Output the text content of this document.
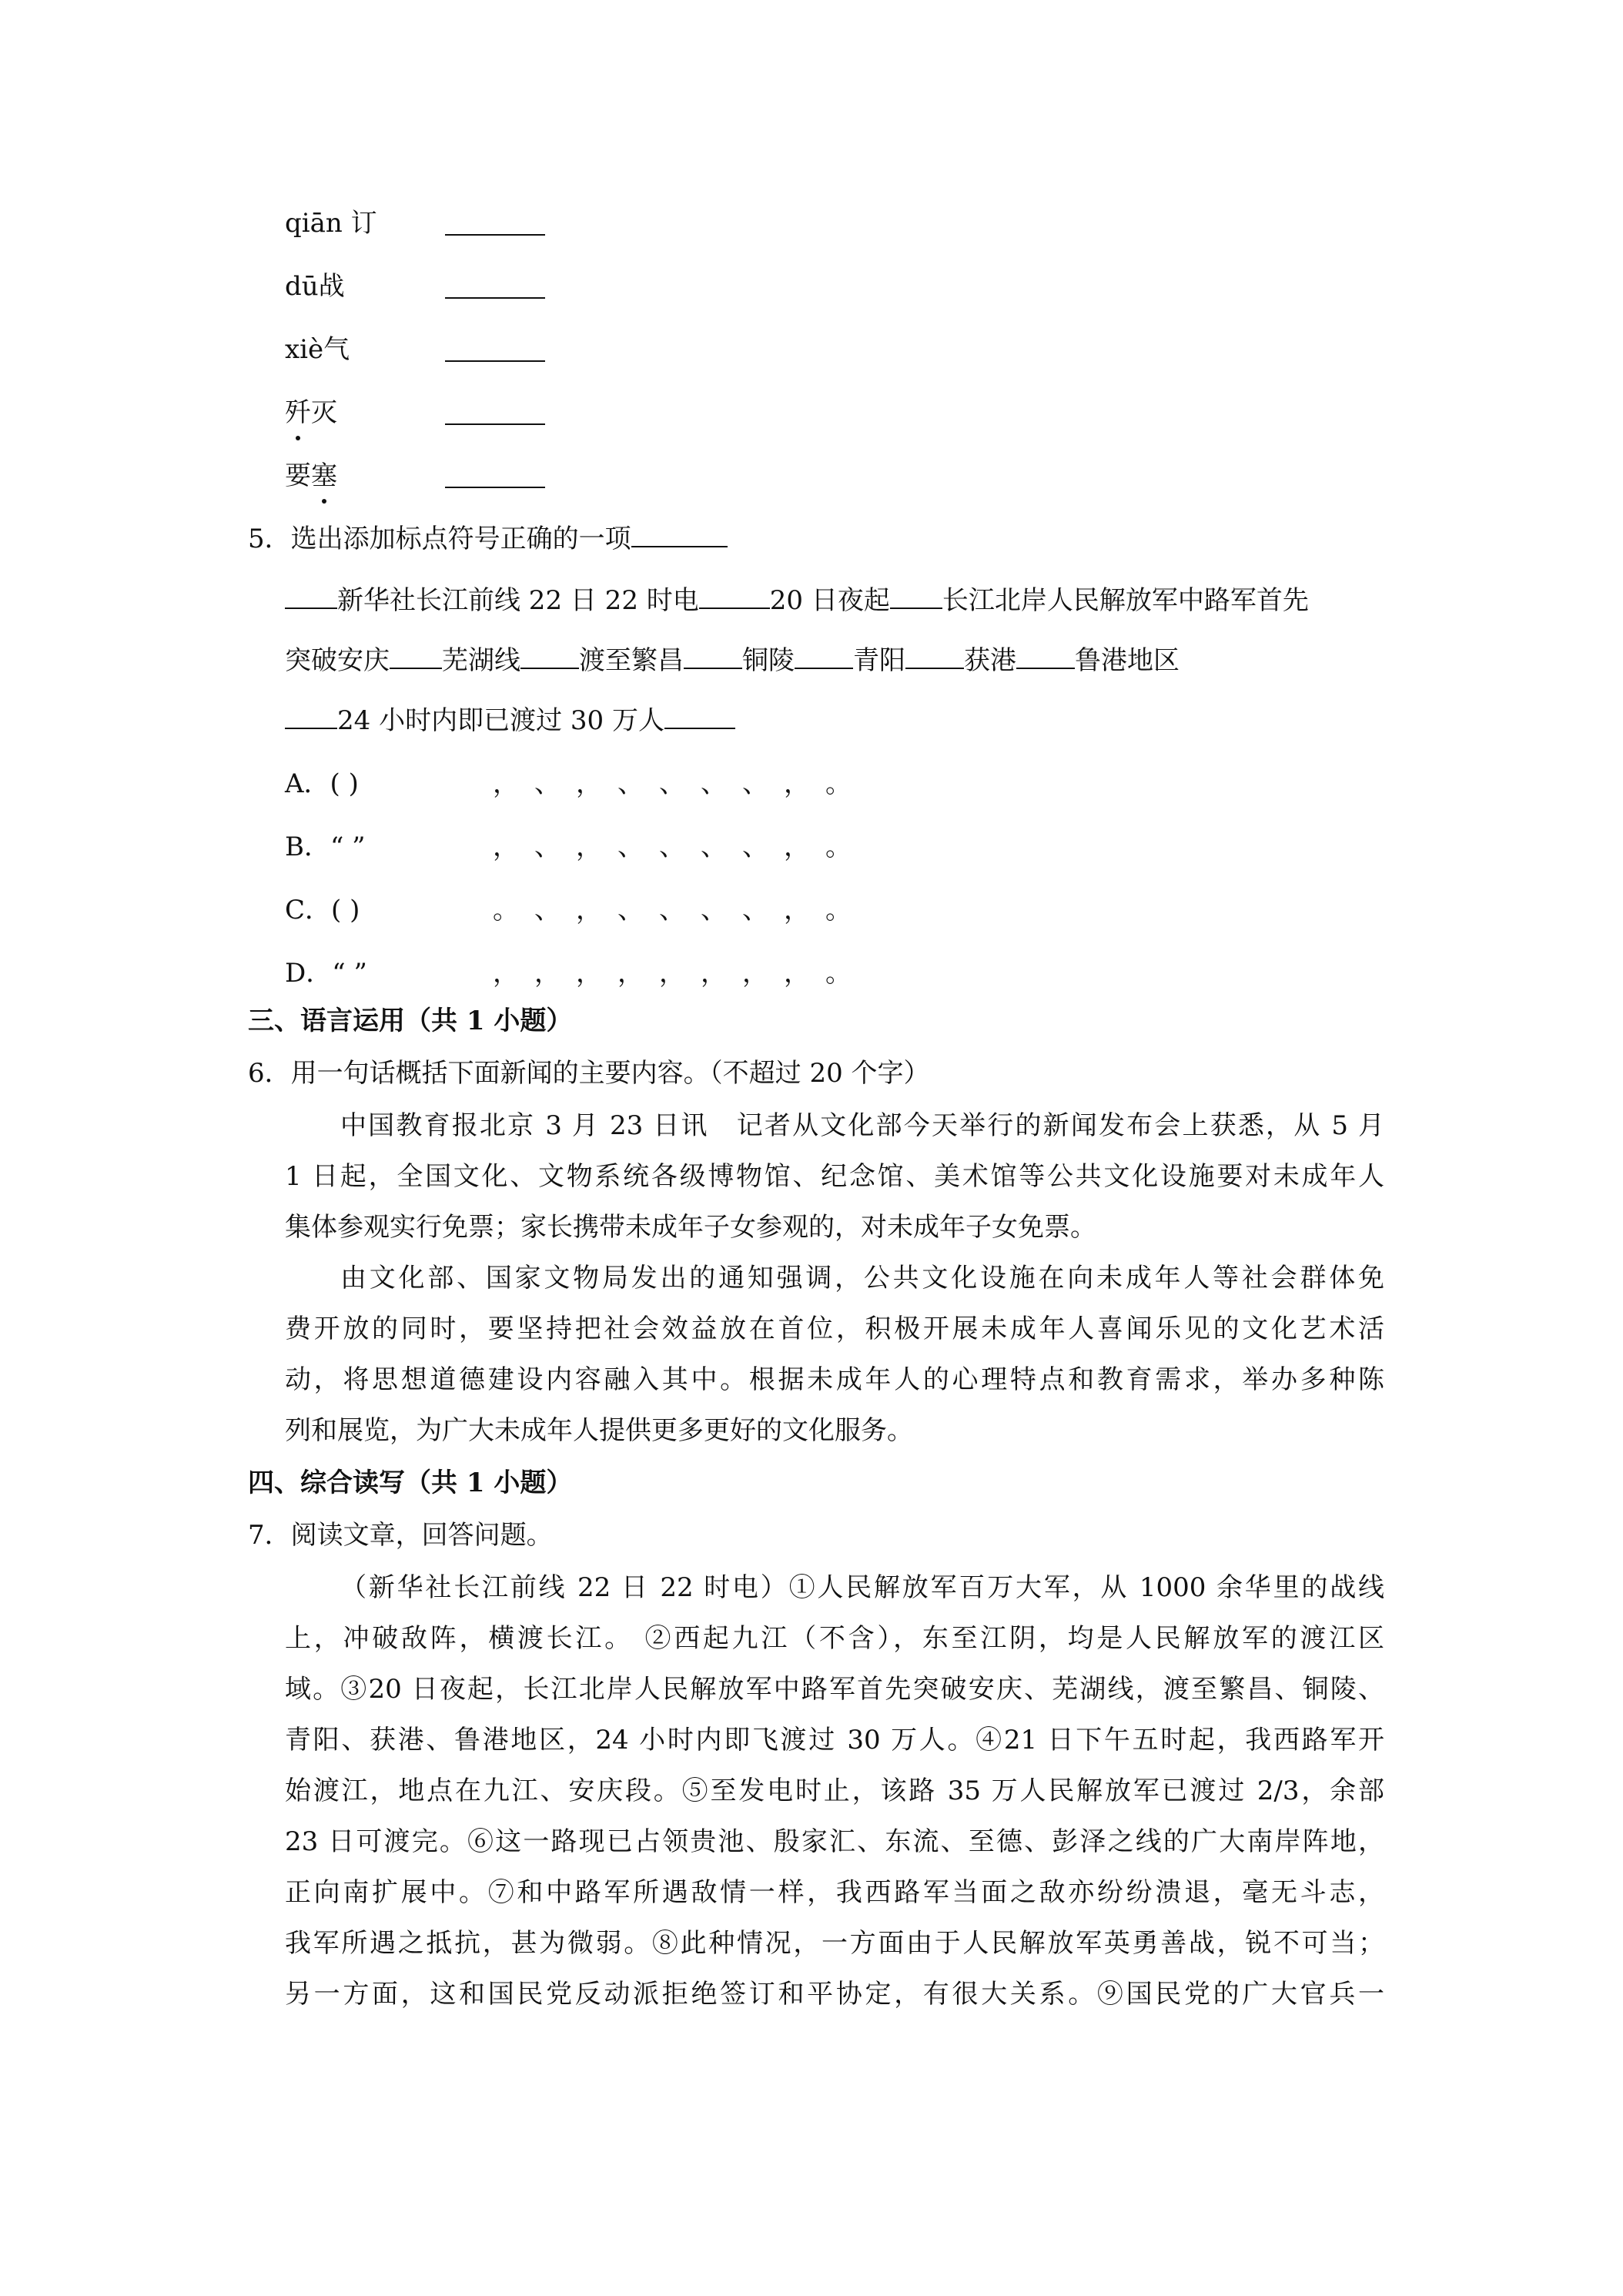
qiān 订
dū战
xiè气
歼灭
要塞
5．选出添加标点符号正确的一项
新华社长江前线 22 日 22 时电	20 日夜起 长江北岸人民解放军中路军首先
突破安庆 芜湖线 渡至繁昌 铜陵 青阳 获港 鲁港地区
24 小时内即已渡过 30 万人
A．( )	， 、 ， 、 、 、 、 ， 。
B．“ ”	， 、 ， 、 、 、 、 ， 。
C．( )	。 、 ， 、 、 、 、 ， 。
D．“ ”	， ， ， ， ， ， ， ， 。
三、语言运用（共 1 小题）
6．用一句话概括下面新闻的主要内容。（不超过 20 个字）
中国教育报北京 3 月 23 日讯　记者从文化部今天举行的新闻发布会上获悉，从 5 月
1 日起，全国文化、文物系统各级博物馆、纪念馆、美术馆等公共文化设施要对未成年人
集体参观实行免票；家长携带未成年子女参观的，对未成年子女免票。
由文化部、国家文物局发出的通知强调，公共文化设施在向未成年人等社会群体免
费开放的同时，要坚持把社会效益放在首位，积极开展未成年人喜闻乐见的文化艺术活
动，将思想道德建设内容融入其中。根据未成年人的心理特点和教育需求，举办多种陈
列和展览，为广大未成年人提供更多更好的文化服务。
四、综合读写（共 1 小题）
7．阅读文章，回答问题。
（新华社长江前线 22 日 22 时电）①人民解放军百万大军，从 1000 余华里的战线
上，冲破敌阵，横渡长江。 ②西起九江（不含），东至江阴，均是人民解放军的渡江区
域。③20 日夜起，长江北岸人民解放军中路军首先突破安庆、芜湖线，渡至繁昌、铜陵、
青阳、获港、鲁港地区，24 小时内即飞渡过 30 万人。④21 日下午五时起，我西路军开
始渡江，地点在九江、安庆段。⑤至发电时止，该路 35 万人民解放军已渡过 2/3，余部
23 日可渡完。⑥这一路现已占领贵池、殷家汇、东流、至德、彭泽之线的广大南岸阵地，
正向南扩展中。⑦和中路军所遇敌情一样，我西路军当面之敌亦纷纷溃退，毫无斗志，
我军所遇之抵抗，甚为微弱。⑧此种情况，一方面由于人民解放军英勇善战，锐不可当；
另一方面，这和国民党反动派拒绝签订和平协定，有很大关系。⑨国民党的广大官兵一
